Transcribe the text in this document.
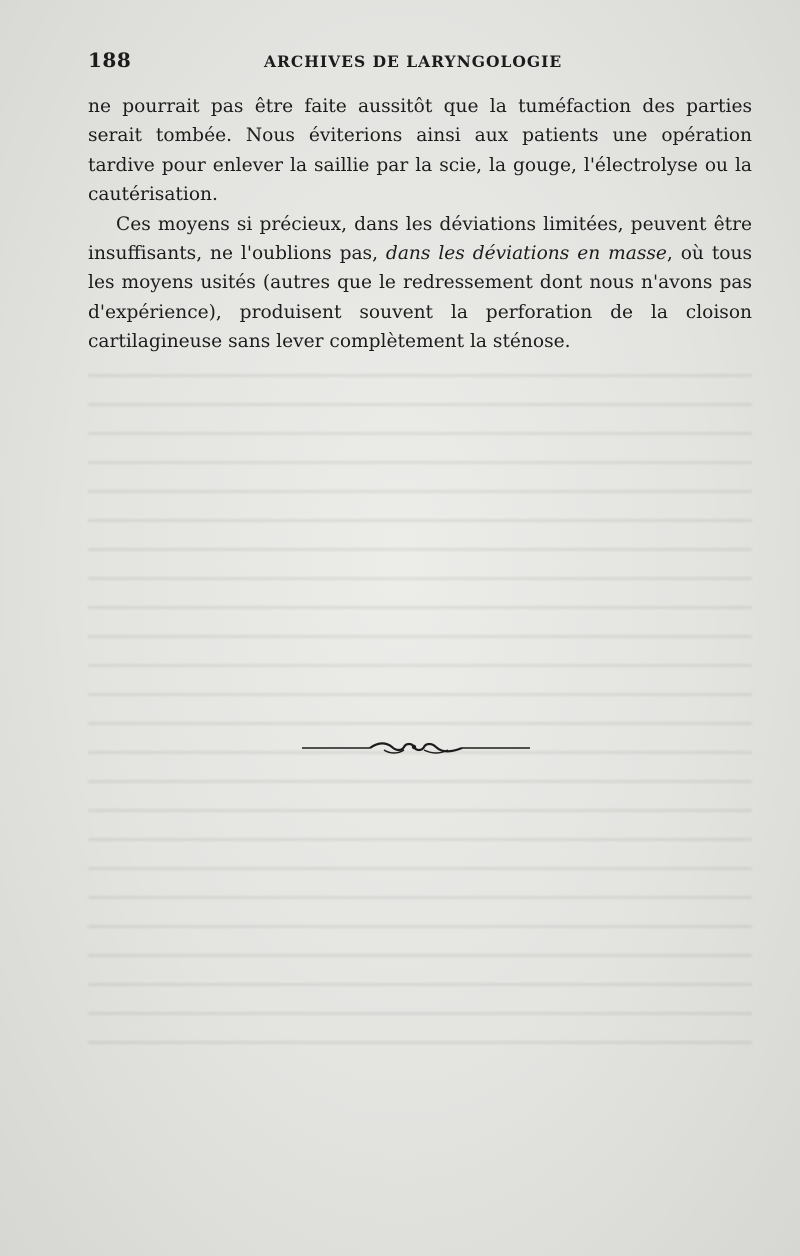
188	ARCHIVES DE LARYNGOLOGIE

ne pourrait pas être faite aussitôt que la tuméfaction des parties serait tombée. Nous éviterions ainsi aux patients une opération tardive pour enlever la saillie par la scie, la gouge, l'électrolyse ou la cautérisation.

Ces moyens si précieux, dans les déviations limitées, peuvent être insuffisants, ne l'oublions pas, dans les déviations en masse, où tous les moyens usités (autres que le redressement dont nous n'avons pas d'expérience), produisent souvent la perforation de la cloison cartilagineuse sans lever complètement la sténose.
